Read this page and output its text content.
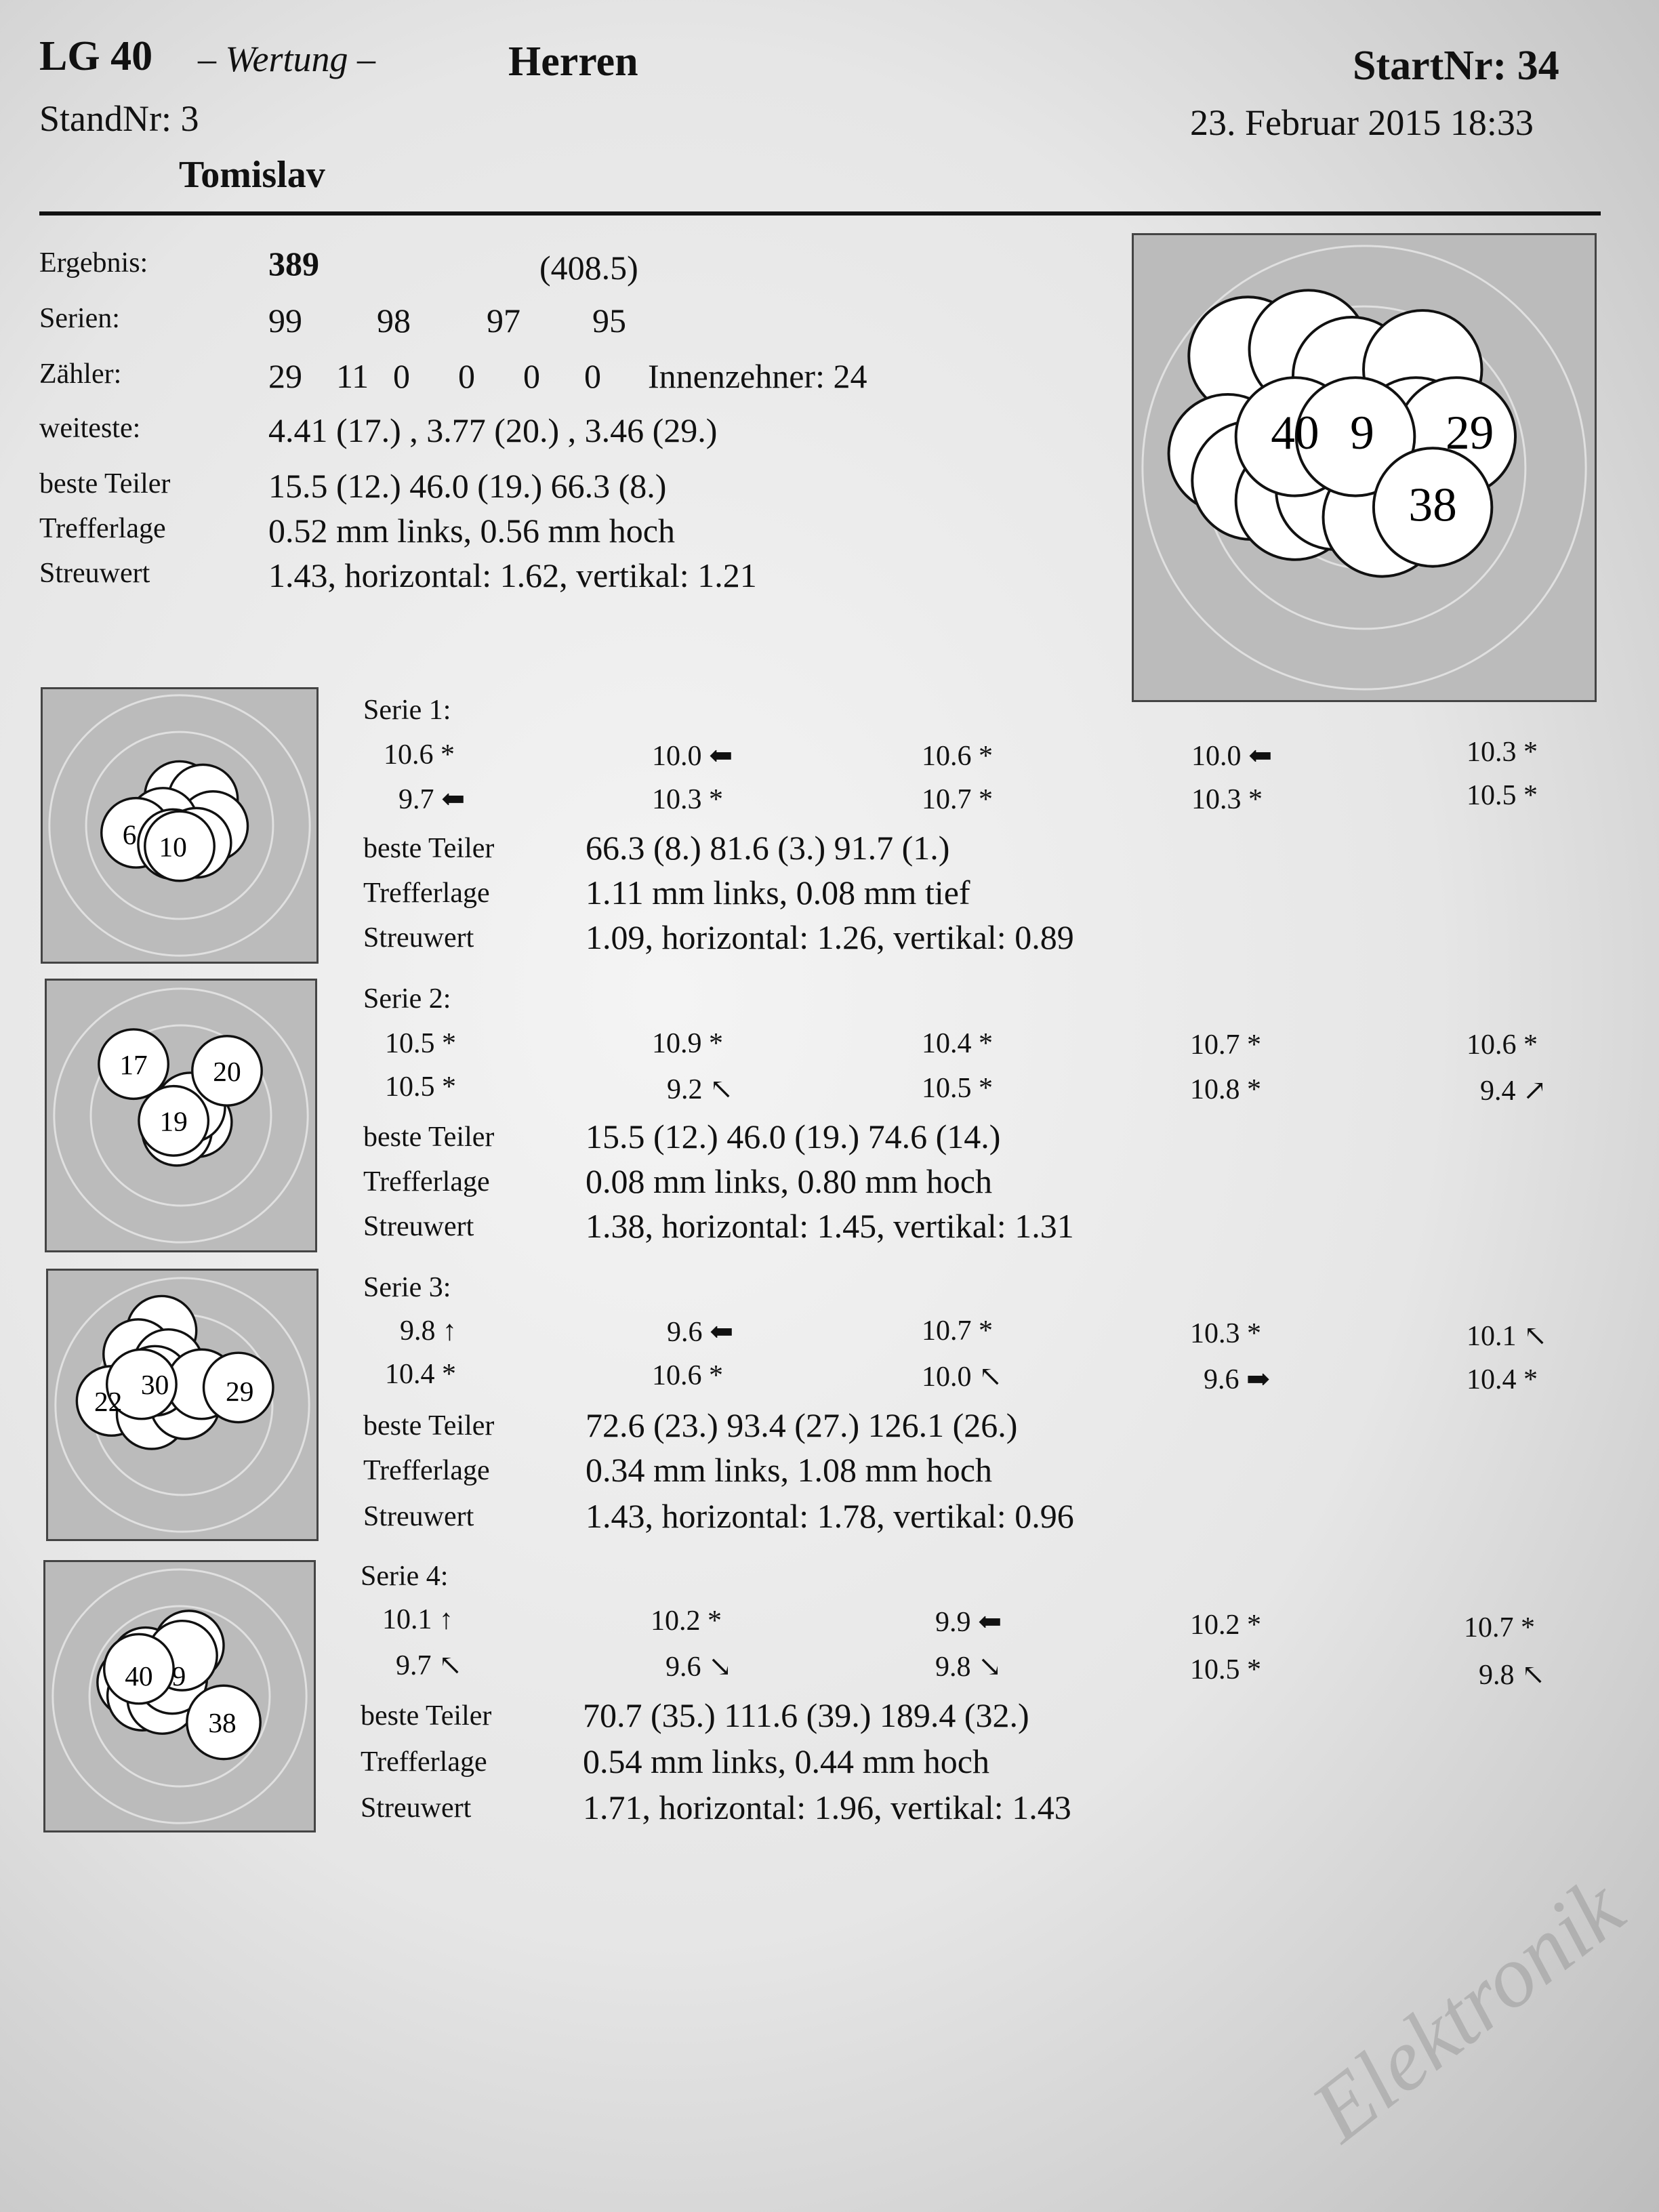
LG 40 – Wertung –	Herren	StartNr: 34
StandNr: 3	23. Februar 2015 18:33
Tomislav
Ergebnis:	389	(408.5)
Serien:	99 98 97 95
Zähler:	29 11 0 0 0 0 Innenzehner: 24
weiteste:	4.41 (17.) , 3.77 (20.) , 3.46 (29.)
beste Teiler	15.5 (12.) 46.0 (19.) 66.3 (8.)
Trefferlage	0.52 mm links, 0.56 mm hoch
Streuwert	1.43, horizontal: 1.62, vertikal: 1.21
40 9 29
38
6 10
Serie 1:
10.6 *	10.0 ⬅	10.6 *	10.0 ⬅	10.3 *
9.7 ⬅	10.3 *	10.7 *	10.3 *	10.5 *
beste Teiler	66.3 (8.) 81.6 (3.) 91.7 (1.)
Trefferlage	1.11 mm links, 0.08 mm tief
Streuwert	1.09, horizontal: 1.26, vertikal: 0.89
17 20
19
Serie 2:
10.5 *	10.9 *	10.4 *	10.7 *	10.6 *
10.5 *	9.2 ↖	10.5 *	10.8 *	9.4 ↗
beste Teiler	15.5 (12.) 46.0 (19.) 74.6 (14.)
Trefferlage	0.08 mm links, 0.80 mm hoch
Streuwert	1.38, horizontal: 1.45, vertikal: 1.31
22
30 29
Serie 3:
9.8 ↑	9.6 ⬅	10.7 *	10.3 *	10.1 ↖
10.4 *	10.6 *	10.0 ↖	9.6 ➡	10.4 *
beste Teiler	72.6 (23.) 93.4 (27.) 126.1 (26.)
Trefferlage	0.34 mm links, 1.08 mm hoch
Streuwert	1.43, horizontal: 1.78, vertikal: 0.96
40 9
38
Serie 4:
10.1 ↑	10.2 *	9.9 ⬅	10.2 *	10.7 *
9.7 ↖	9.6 ↘	9.8 ↘	10.5 *	9.8 ↖
beste Teiler	70.7 (35.) 111.6 (39.) 189.4 (32.)
Trefferlage	0.54 mm links, 0.44 mm hoch
Streuwert	1.71, horizontal: 1.96, vertikal: 1.43
Elektronik
